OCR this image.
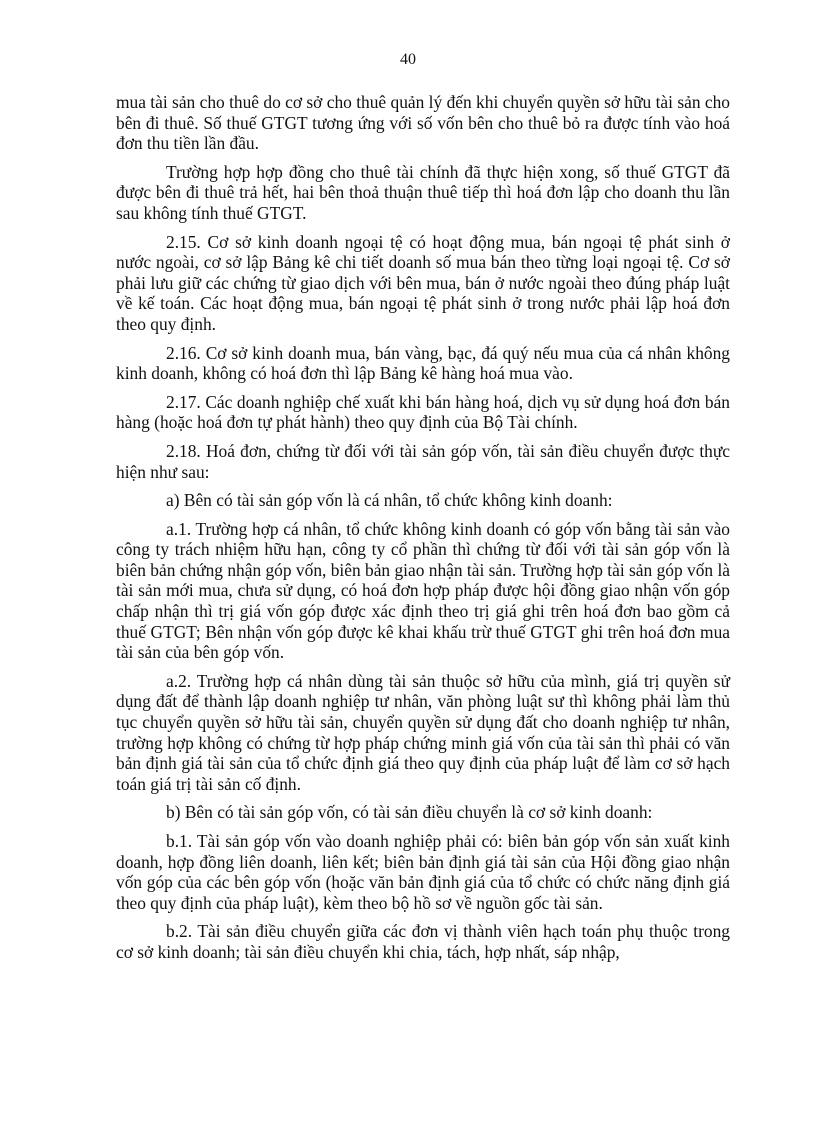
40

mua tài sản cho thuê do cơ sở cho thuê quản lý đến khi chuyển quyền sở hữu tài sản cho bên đi thuê. Số thuế GTGT tương ứng với số vốn bên cho thuê bỏ ra được tính vào hoá đơn thu tiền lần đầu.

Trường hợp hợp đồng cho thuê tài chính đã thực hiện xong, số thuế GTGT đã được bên đi thuê trả hết, hai bên thoả thuận thuê tiếp thì hoá đơn lập cho doanh thu lần sau không tính thuế GTGT.

2.15. Cơ sở kinh doanh ngoại tệ có hoạt động mua, bán ngoại tệ phát sinh ở nước ngoài, cơ sở lập Bảng kê chi tiết doanh số mua bán theo từng loại ngoại tệ. Cơ sở phải lưu giữ các chứng từ giao dịch với bên mua, bán ở nước ngoài theo đúng pháp luật về kế toán. Các hoạt động mua, bán ngoại tệ phát sinh ở trong nước phải lập hoá đơn theo quy định.

2.16. Cơ sở kinh doanh mua, bán vàng, bạc, đá quý nếu mua của cá nhân không kinh doanh, không có hoá đơn thì lập Bảng kê hàng hoá mua vào.

2.17. Các doanh nghiệp chế xuất khi bán hàng hoá, dịch vụ sử dụng hoá đơn bán hàng (hoặc hoá đơn tự phát hành) theo quy định của Bộ Tài chính.

2.18. Hoá đơn, chứng từ đối với tài sản góp vốn, tài sản điều chuyển được thực hiện như sau:

a) Bên có tài sản góp vốn là cá nhân, tổ chức không kinh doanh:

a.1. Trường hợp cá nhân, tổ chức không kinh doanh có góp vốn bằng tài sản vào công ty trách nhiệm hữu hạn, công ty cổ phần thì chứng từ đối với tài sản góp vốn là biên bản chứng nhận góp vốn, biên bản giao nhận tài sản. Trường hợp tài sản góp vốn là tài sản mới mua, chưa sử dụng, có hoá đơn hợp pháp được hội đồng giao nhận vốn góp chấp nhận thì trị giá vốn góp được xác định theo trị giá ghi trên hoá đơn bao gồm cả thuế GTGT; Bên nhận vốn góp được kê khai khấu trừ thuế GTGT ghi trên hoá đơn mua tài sản của bên góp vốn.

a.2. Trường hợp cá nhân dùng tài sản thuộc sở hữu của mình, giá trị quyền sử dụng đất để thành lập doanh nghiệp tư nhân, văn phòng luật sư thì không phải làm thủ tục chuyển quyền sở hữu tài sản, chuyển quyền sử dụng đất cho doanh nghiệp tư nhân, trường hợp không có chứng từ hợp pháp chứng minh giá vốn của tài sản thì phải có văn bản định giá tài sản của tổ chức định giá theo quy định của pháp luật để làm cơ sở hạch toán giá trị tài sản cố định.

b) Bên có tài sản góp vốn, có tài sản điều chuyển là cơ sở kinh doanh:

b.1. Tài sản góp vốn vào doanh nghiệp phải có: biên bản góp vốn sản xuất kinh doanh, hợp đồng liên doanh, liên kết; biên bản định giá tài sản của Hội đồng giao nhận vốn góp của các bên góp vốn (hoặc văn bản định giá của tổ chức có chức năng định giá theo quy định của pháp luật), kèm theo bộ hồ sơ về nguồn gốc tài sản.

b.2. Tài sản điều chuyển giữa các đơn vị thành viên hạch toán phụ thuộc trong cơ sở kinh doanh; tài sản điều chuyển khi chia, tách, hợp nhất, sáp nhập,
